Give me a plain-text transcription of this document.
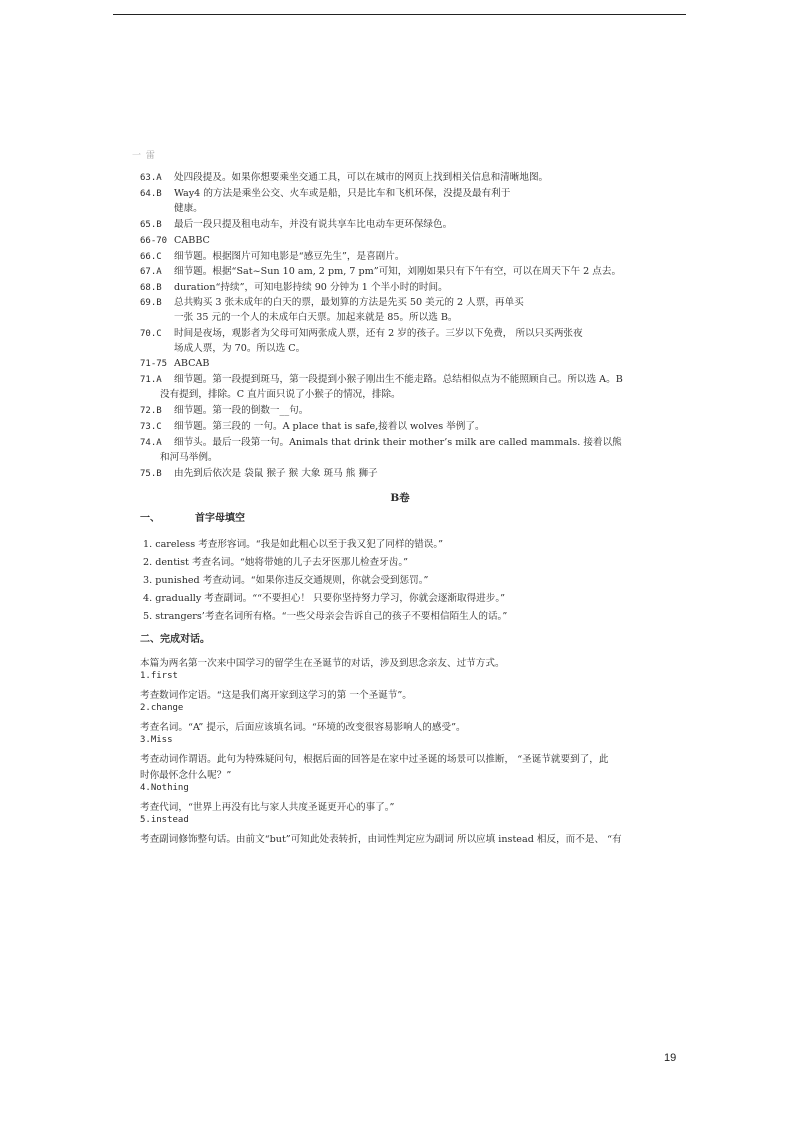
一 雷
63.A 处四段提及。如果你想要乘坐交通工具，可以在城市的网页上找到相关信息和清晰地图。
64.B Way4 的方法是乘坐公交、火车或是船，只是比车和飞机环保，没提及最有利于
健康。
65.B 最后一段只提及租电动车，并没有说共享车比电动车更环保绿色。
66-70 CABBC
66.C 细节题。根据图片可知电影是“感豆先生”，是喜剧片。
67.A 细节题。根据“Sat~Sun 10 am, 2 pm, 7 pm”可知，刘刚如果只有下午有空，可以在周天下午 2 点去。
68.B duration“持续”，可知电影持续 90 分钟为 1 个半小时的时间。
69.B 总共购买 3 张未成年的白天的票，最划算的方法是先买 50 美元的 2 人票，再单买
一张 35 元的一个人的未成年白天票。加起来就是 85。所以选 B。
70.C 时间是夜场，观影者为父母可知两张成人票，还有 2 岁的孩子。三岁以下免费， 所以只买两张夜
场成人票，为 70。所以选 C。
71-75 ABCAB
71.A 细节题。第一段提到斑马，第一段提到小猴子刚出生不能走路。总结相似点为不能照顾自己。所以选 A。B
没有提到，排除。C 直片面只说了小猴子的情况，排除。
72.B 细节题。第一段的倒数一__句。
73.C 细节题。第三段的 一句。A place that is safe,接着以 wolves 举例了。
74.A 细节头。最后一段第一句。Animals that drink their mother’s milk are called mammals. 接着以熊
和河马举例。
75.B 由先到后依次是 袋鼠 猴子 猴 大象 斑马 熊 狮子
B卷
一、	首字母填空
1. careless 考查形容词。“我是如此粗心以至于我又犯了同样的错误。”
2. dentist 考查名词。“她将带她的儿子去牙医那儿检查牙齿。”
3. punished 考查动词。“如果你违反交通规则，你就会受到惩罚。”
4. gradually 考查副词。““不要担心！ 只要你坚持努力学习，你就会逐渐取得进步。”
5. strangers’考查名词所有格。“一些父母亲会告诉自己的孩子不要相信陌生人的话。”
二、完成对话。
本篇为两名第一次来中国学习的留学生在圣诞节的对话，涉及到思念亲友、过节方式。
1.first
考查数词作定语。“这是我们离开家到这学习的第 一个圣诞节”。
2.change
考查名词。“A” 提示，后面应该填名词。“环境的改变很容易影响人的感受”。
3.Miss
考查动词作谓语。此句为特殊疑问句，根据后面的回答是在家中过圣诞的场景可以推断， “圣诞节就要到了，此
时你最怀念什么呢？”
4.Nothing
考查代词，“世界上再没有比与家人共度圣诞更开心的事了。”
5.instead
考查副词修饰整句话。由前文“but”可知此处表转折，由词性判定应为副词 所以应填 instead 相反，而不是、 “有
19
